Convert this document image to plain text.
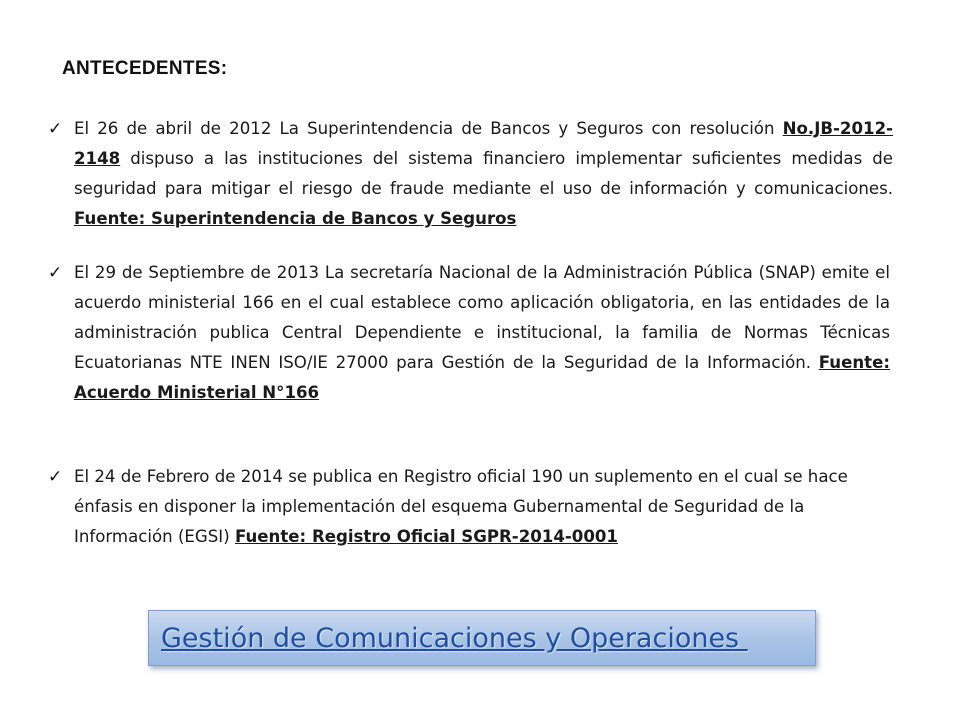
ANTECEDENTES:
✓ El 26 de abril de 2012 La Superintendencia de Bancos y Seguros con resolución No.JB-2012-2148 dispuso a las instituciones del sistema financiero implementar suficientes medidas de seguridad para mitigar el riesgo de fraude mediante el uso de información y comunicaciones. Fuente: Superintendencia de Bancos y Seguros
✓ El 29 de Septiembre de 2013 La secretaría Nacional de la Administración Pública (SNAP) emite el acuerdo ministerial 166 en el cual establece como aplicación obligatoria, en las entidades de la administración publica Central Dependiente e institucional, la familia de Normas Técnicas Ecuatorianas NTE INEN ISO/IE 27000 para Gestión de la Seguridad de la Información. Fuente: Acuerdo Ministerial N°166
✓ El 24 de Febrero de 2014 se publica en Registro oficial 190 un suplemento en el cual se hace énfasis en disponer la implementación del esquema Gubernamental de Seguridad de la Información (EGSI) Fuente: Registro Oficial SGPR-2014-0001
Gestión de Comunicaciones y Operaciones
